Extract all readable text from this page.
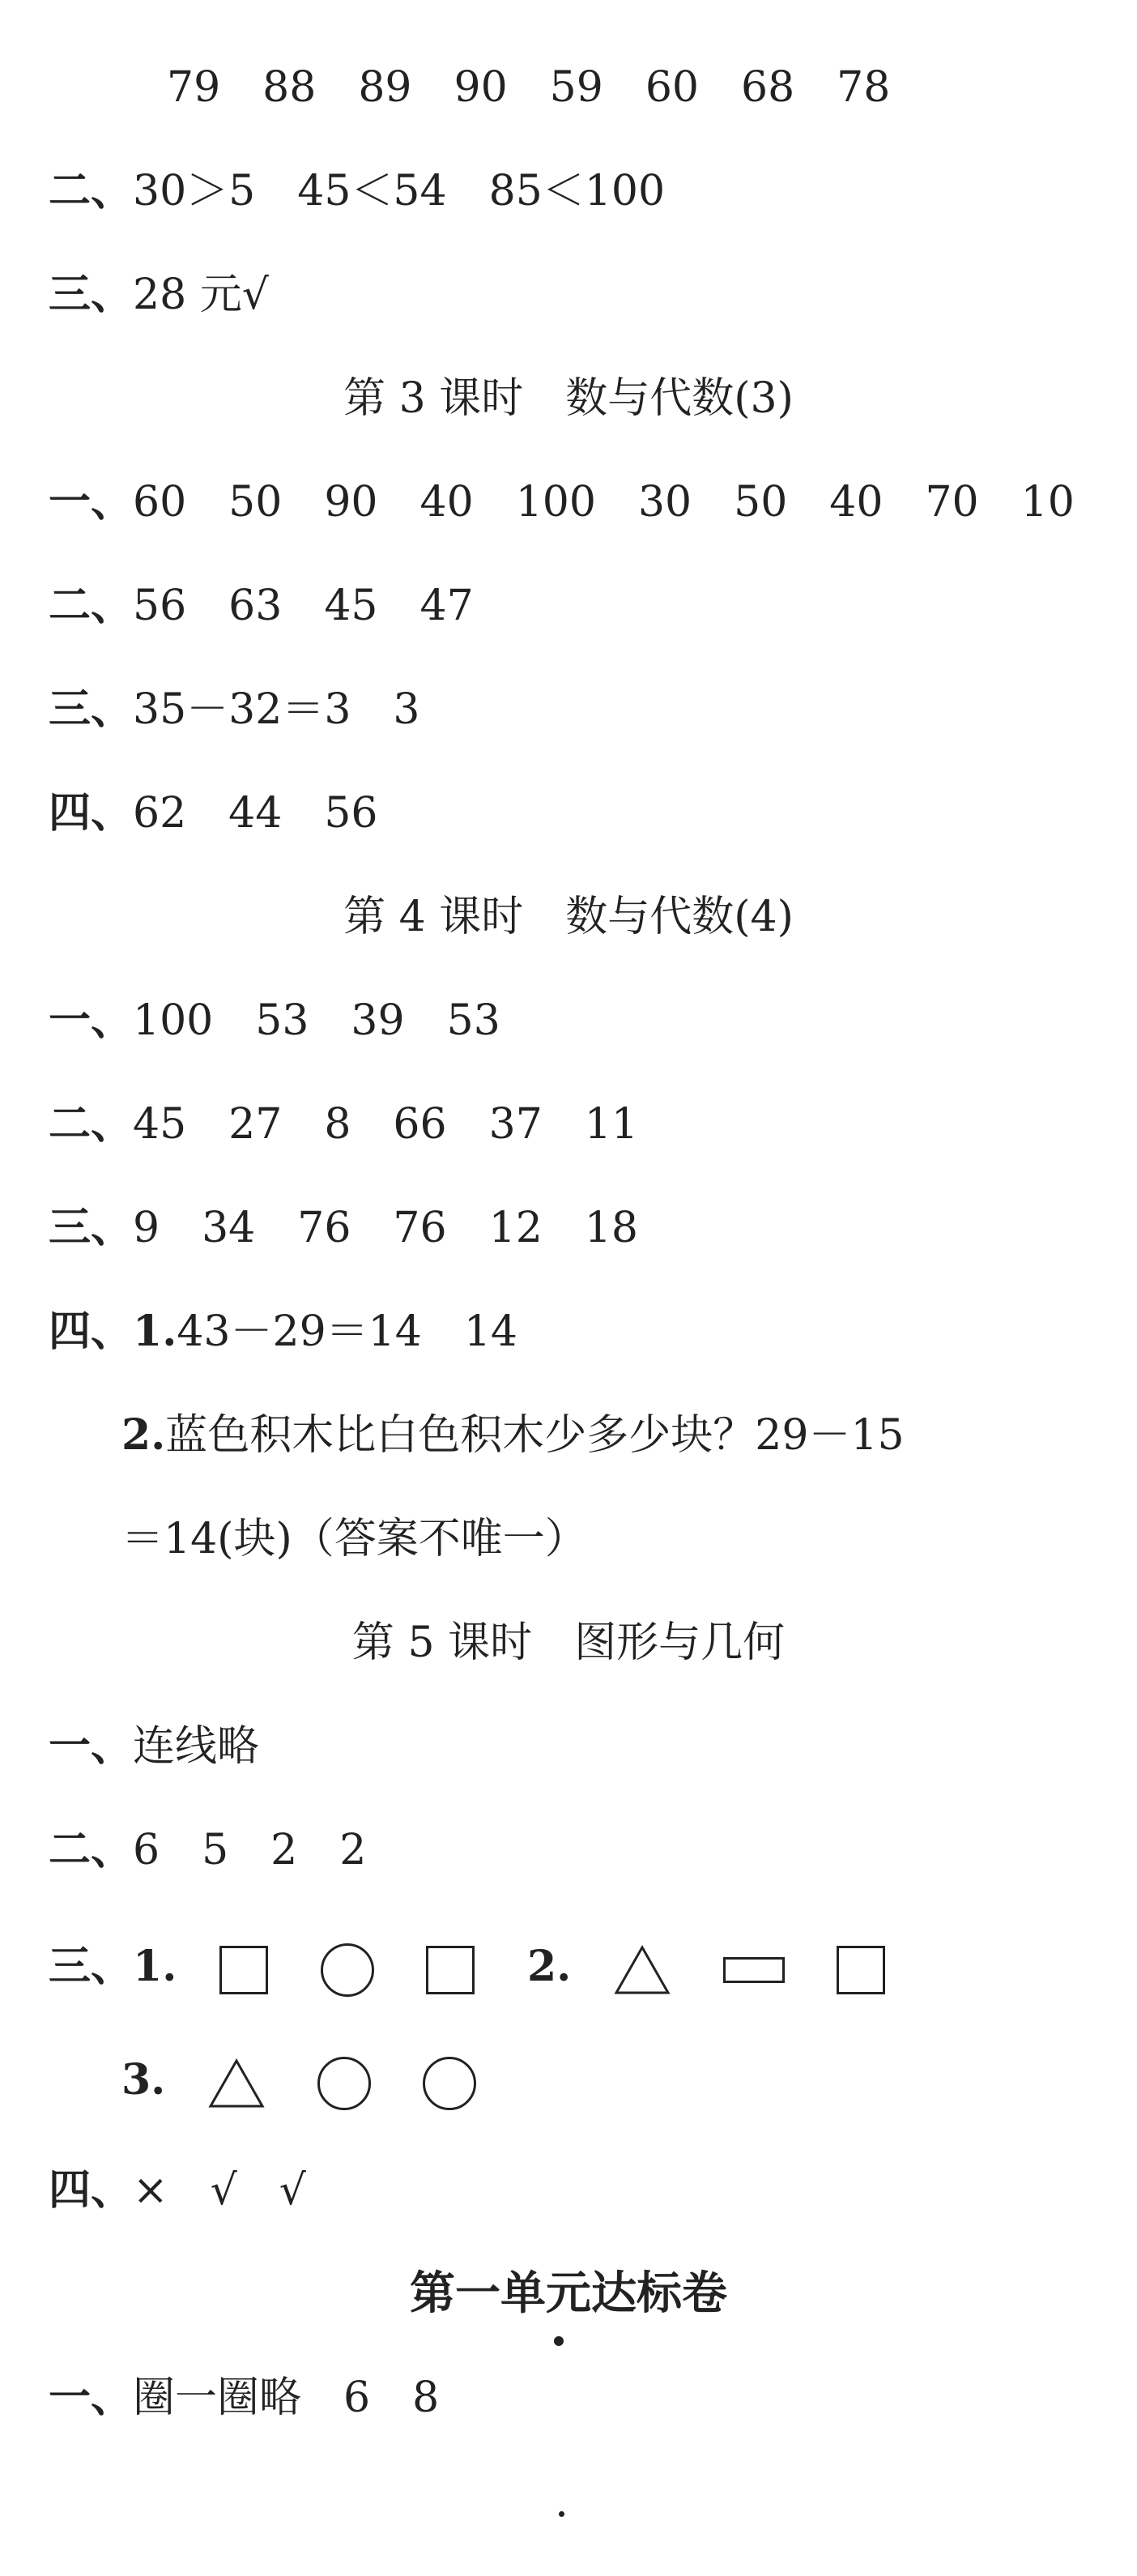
79　88　89　90　59　60　68　78
二、30＞5　45＜54　85＜100
三、28 元√
第 3 课时　数与代数(3)
一、60　50　90　40　100　30　50　40　70　10
二、56　63　45　47
三、35－32＝3　3
四、62　44　56
第 4 课时　数与代数(4)
一、100　53　39　53
二、45　27　8　66　37　11
三、9　34　76　76　12　18
四、1.43－29＝14　14
2.蓝色积木比白色积木少多少块？29－15
＝14(块)（答案不唯一）
第 5 课时　图形与几何
一、连线略
二、6　5　2　2
三、1.	2.
3.
四、×　√　√
第一单元达标卷
一、圈一圈略　6　8
